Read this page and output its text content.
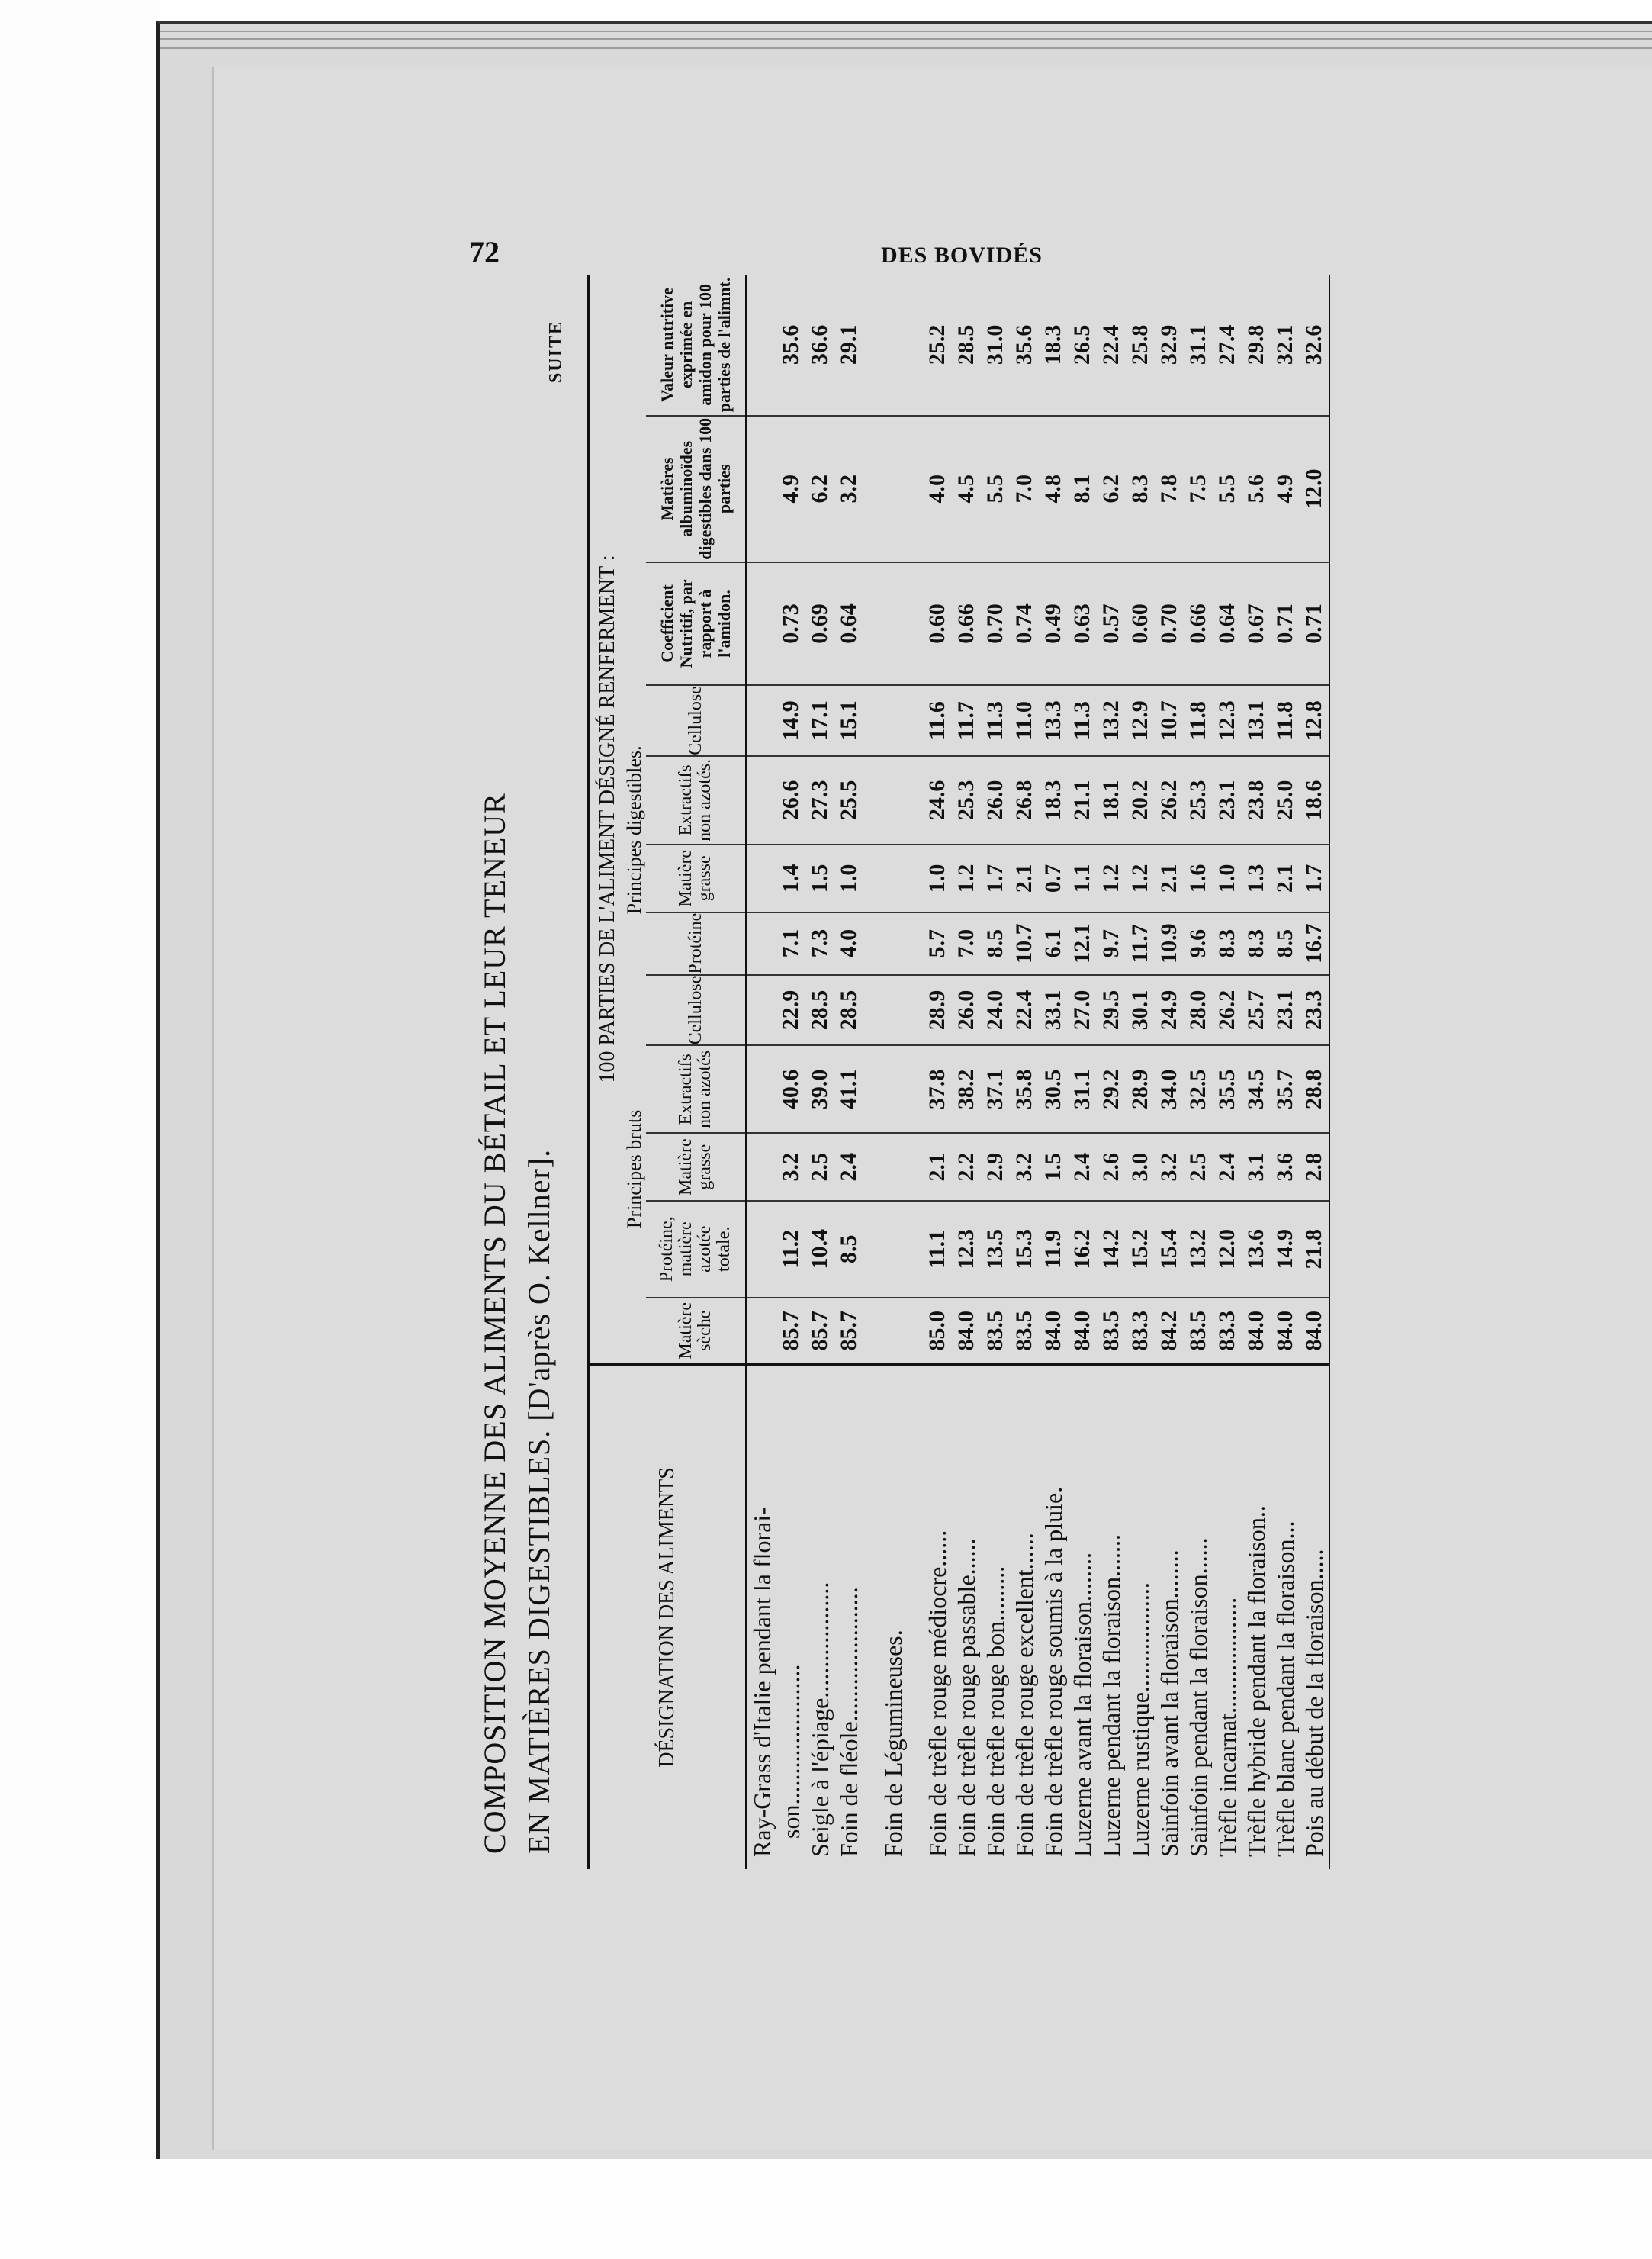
72	DES BOVIDÉS
COMPOSITION MOYENNE DES ALIMENTS DU BÉTAIL ET LEUR TENEUR EN MATIÈRES DIGESTIBLES. [D'après O. Kellner].
SUITE
DÉSIGNATION DES ALIMENTS	100 PARTIES DE L'ALIMENT DÉSIGNÉ RENFERMENT :											
	Principes bruts					Principes digestibles.						
	Matière sèche	Protéine, matière azotée totale.	Matière grasse	Extractifs non azotés	Cellulose	Protéine	Matière grasse	Extractifs non azotés.	Cellulose	Coefficient Nutritif, par rapport à l'amidon.	Matières albuminoïdes digestibles dans 100 parties	Valeur nutritive exprimée en amidon pour 100 parties de l'alimnt.
Ray-Grass d'Italie pendant la florai-												
son.......................	85.7	11.2	3.2	40.6	22.9	7.1	1.4	26.6	14.9	0.73	4.9	35.6
Seigle à l'épiage...................	85.7	10.4	2.5	39.0	28.5	7.3	1.5	27.3	17.1	0.69	6.2	36.6
Foin de fléole......................	85.7	8.5	2.4	41.1	28.5	4.0	1.0	25.5	15.1	0.64	3.2	29.1

Foin de Légumineuses.												

Foin de trèfle rouge médiocre......	85.0	11.1	2.1	37.8	28.9	5.7	1.0	24.6	11.6	0.60	4.0	25.2
Foin de trèfle rouge passable......	84.0	12.3	2.2	38.2	26.0	7.0	1.2	25.3	11.7	0.66	4.5	28.5
Foin de trèfle rouge bon.........	83.5	13.5	2.9	37.1	24.0	8.5	1.7	26.0	11.3	0.70	5.5	31.0
Foin de trèfle rouge excellent......	83.5	15.3	3.2	35.8	22.4	10.7	2.1	26.8	11.0	0.74	7.0	35.6
Foin de trèfle rouge soumis à la pluie.	84.0	11.9	1.5	30.5	33.1	6.1	0.7	18.3	13.3	0.49	4.8	18.3
Luzerne avant la floraison........	84.0	16.2	2.4	31.1	27.0	12.1	1.1	21.1	11.3	0.63	8.1	26.5
Luzerne pendant la floraison.......	83.5	14.2	2.6	29.2	29.5	9.7	1.2	18.1	13.2	0.57	6.2	22.4
Luzerne rustique..................	83.3	15.2	3.0	28.9	30.1	11.7	1.2	20.2	12.9	0.60	8.3	25.8
Sainfoin avant la floraison........	84.2	15.4	3.2	34.0	24.9	10.9	2.1	26.2	10.7	0.70	7.8	32.9
Sainfoin pendant la floraison......	83.5	13.2	2.5	32.5	28.0	9.6	1.6	25.3	11.8	0.66	7.5	31.1
Trèfle incarnat...................	83.3	12.0	2.4	35.5	26.2	8.3	1.0	23.1	12.3	0.64	5.5	27.4
Trèfle hybride pendant la floraison..	84.0	13.6	3.1	34.5	25.7	8.3	1.3	23.8	13.1	0.67	5.6	29.8
Trèfle blanc pendant la floraison...	84.0	14.9	3.6	35.7	23.1	8.5	2.1	25.0	11.8	0.71	4.9	32.1
Pois au début de la floraison.....	84.0	21.8	2.8	28.8	23.3	16.7	1.7	18.6	12.8	0.71	12.0	32.6
